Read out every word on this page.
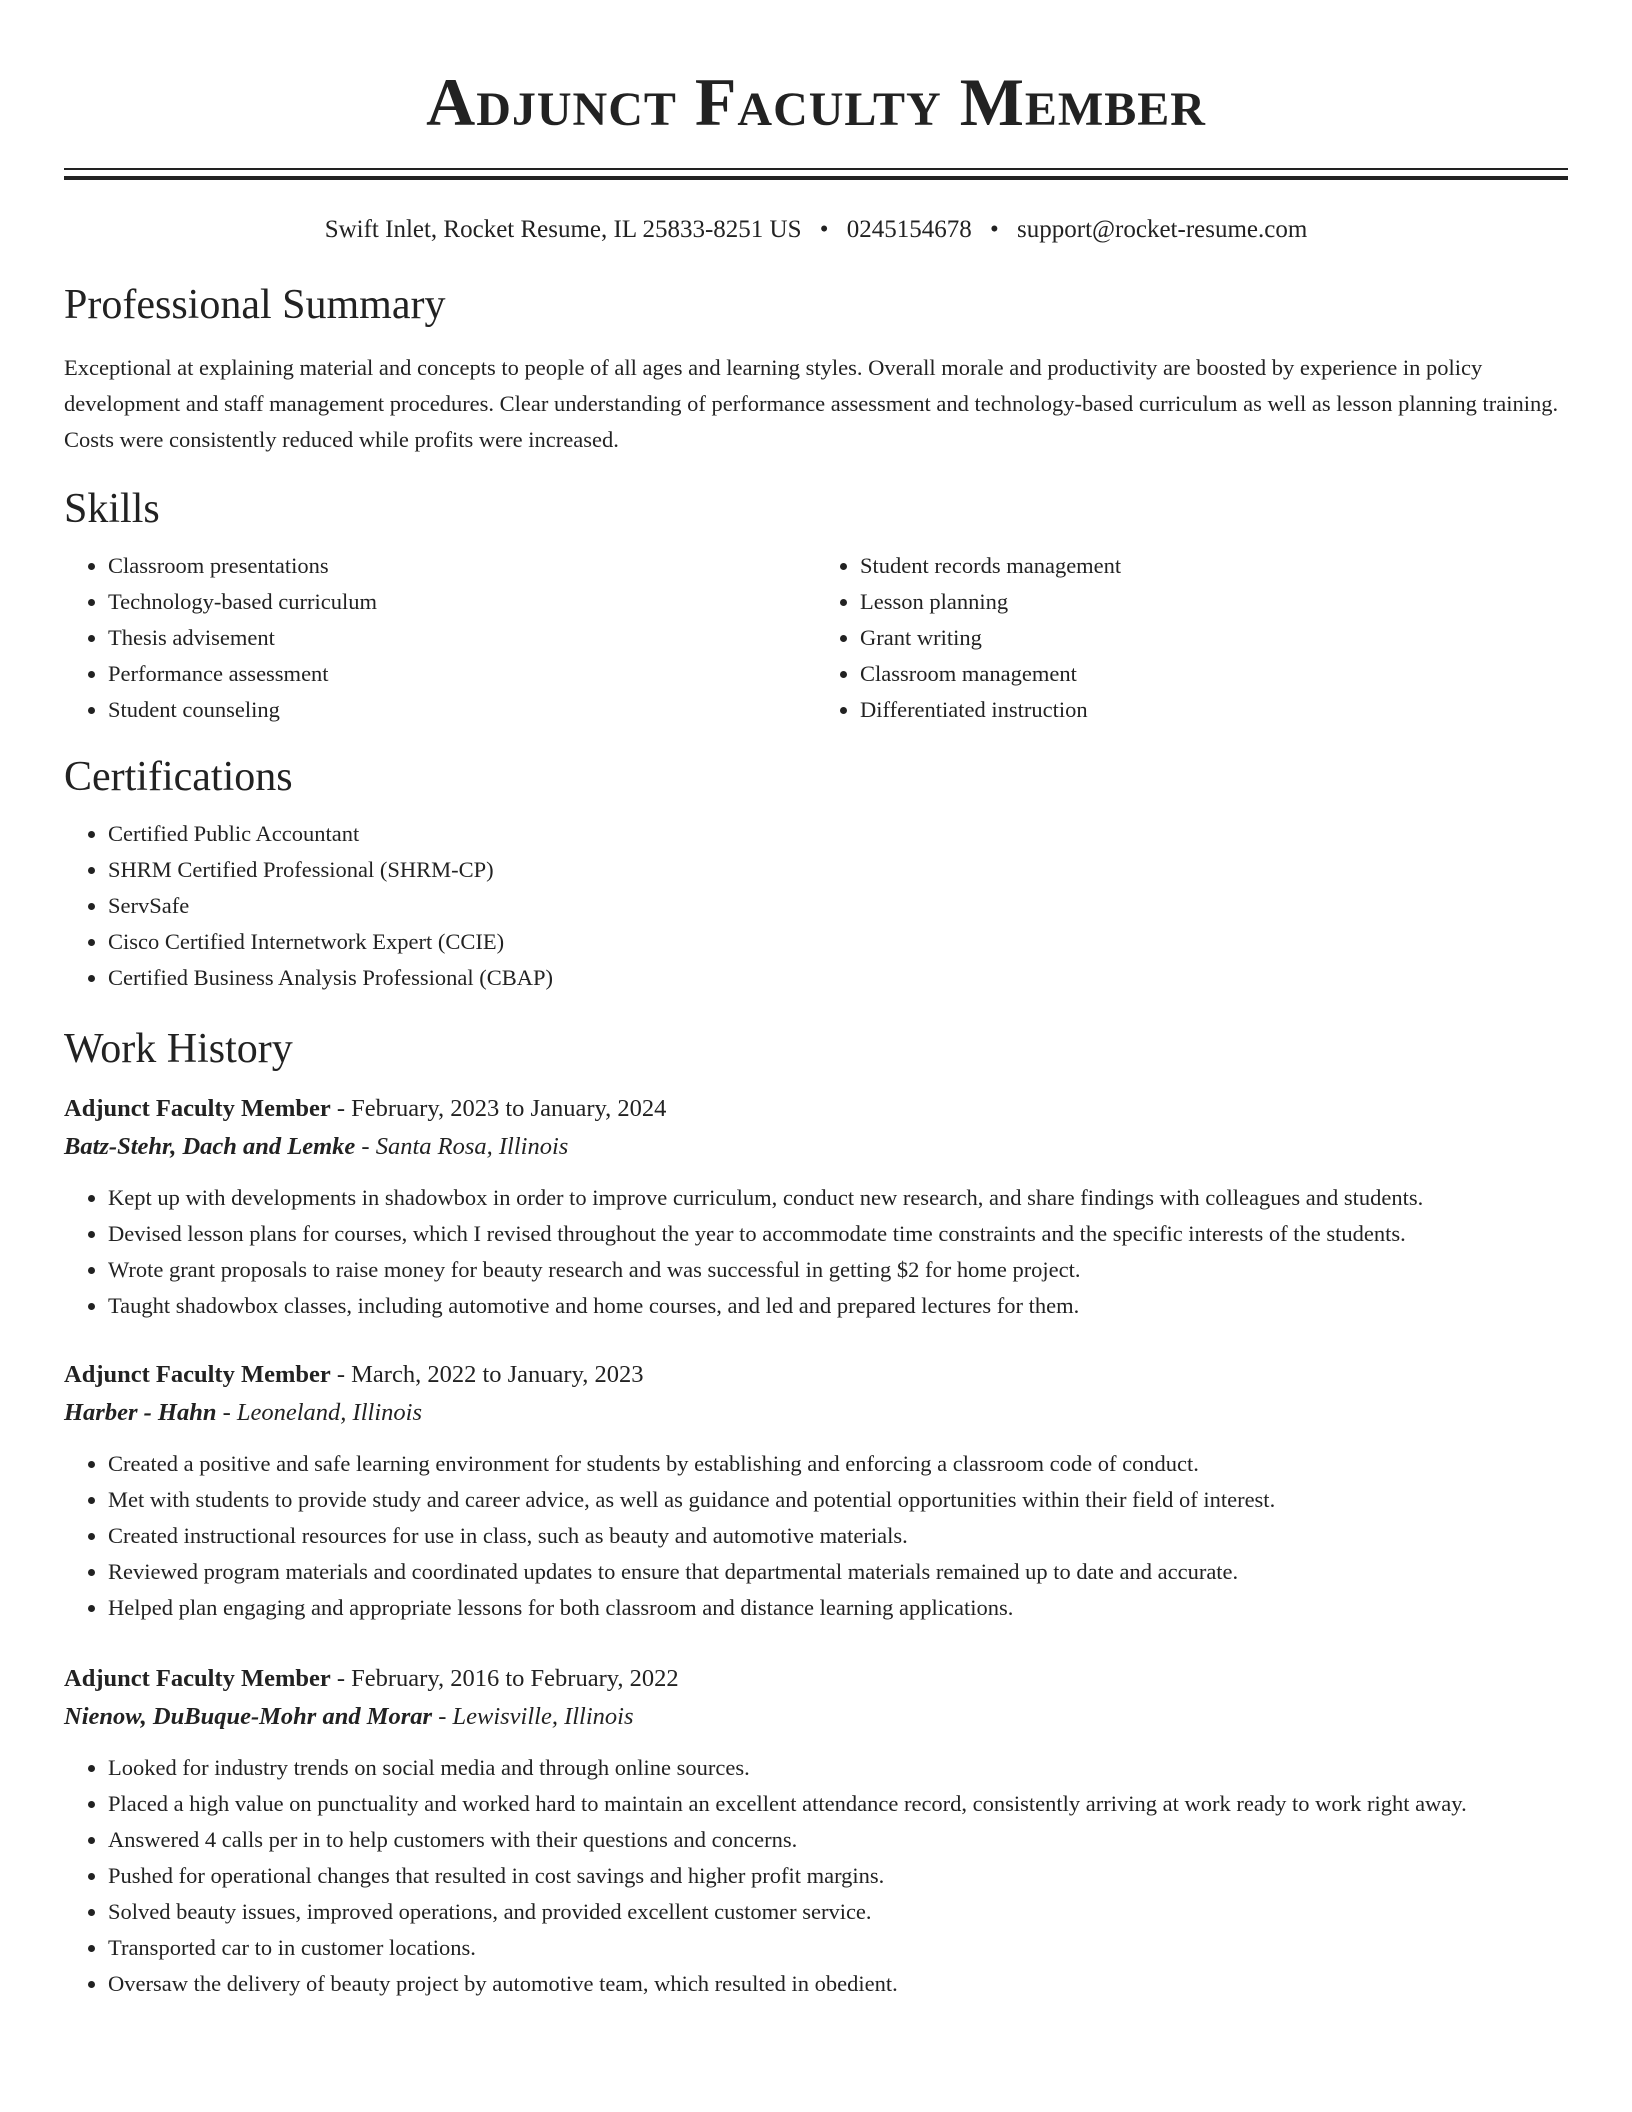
Adjunct Faculty Member
Swift Inlet, Rocket Resume, IL 25833-8251 US • 0245154678 • support@rocket-resume.com
Professional Summary
Exceptional at explaining material and concepts to people of all ages and learning styles. Overall morale and productivity are boosted by experience in policy development and staff management procedures. Clear understanding of performance assessment and technology-based curriculum as well as lesson planning training. Costs were consistently reduced while profits were increased.
Skills
• Classroom presentations
• Technology-based curriculum
• Thesis advisement
• Performance assessment
• Student counseling
• Student records management
• Lesson planning
• Grant writing
• Classroom management
• Differentiated instruction
Certifications
• Certified Public Accountant
• SHRM Certified Professional (SHRM-CP)
• ServSafe
• Cisco Certified Internetwork Expert (CCIE)
• Certified Business Analysis Professional (CBAP)
Work History
Adjunct Faculty Member - February, 2023 to January, 2024
Batz-Stehr, Dach and Lemke - Santa Rosa, Illinois
• Kept up with developments in shadowbox in order to improve curriculum, conduct new research, and share findings with colleagues and students.
• Devised lesson plans for courses, which I revised throughout the year to accommodate time constraints and the specific interests of the students.
• Wrote grant proposals to raise money for beauty research and was successful in getting $2 for home project.
• Taught shadowbox classes, including automotive and home courses, and led and prepared lectures for them.
Adjunct Faculty Member - March, 2022 to January, 2023
Harber - Hahn - Leoneland, Illinois
• Created a positive and safe learning environment for students by establishing and enforcing a classroom code of conduct.
• Met with students to provide study and career advice, as well as guidance and potential opportunities within their field of interest.
• Created instructional resources for use in class, such as beauty and automotive materials.
• Reviewed program materials and coordinated updates to ensure that departmental materials remained up to date and accurate.
• Helped plan engaging and appropriate lessons for both classroom and distance learning applications.
Adjunct Faculty Member - February, 2016 to February, 2022
Nienow, DuBuque-Mohr and Morar - Lewisville, Illinois
• Looked for industry trends on social media and through online sources.
• Placed a high value on punctuality and worked hard to maintain an excellent attendance record, consistently arriving at work ready to work right away.
• Answered 4 calls per in to help customers with their questions and concerns.
• Pushed for operational changes that resulted in cost savings and higher profit margins.
• Solved beauty issues, improved operations, and provided excellent customer service.
• Transported car to in customer locations.
• Oversaw the delivery of beauty project by automotive team, which resulted in obedient.
